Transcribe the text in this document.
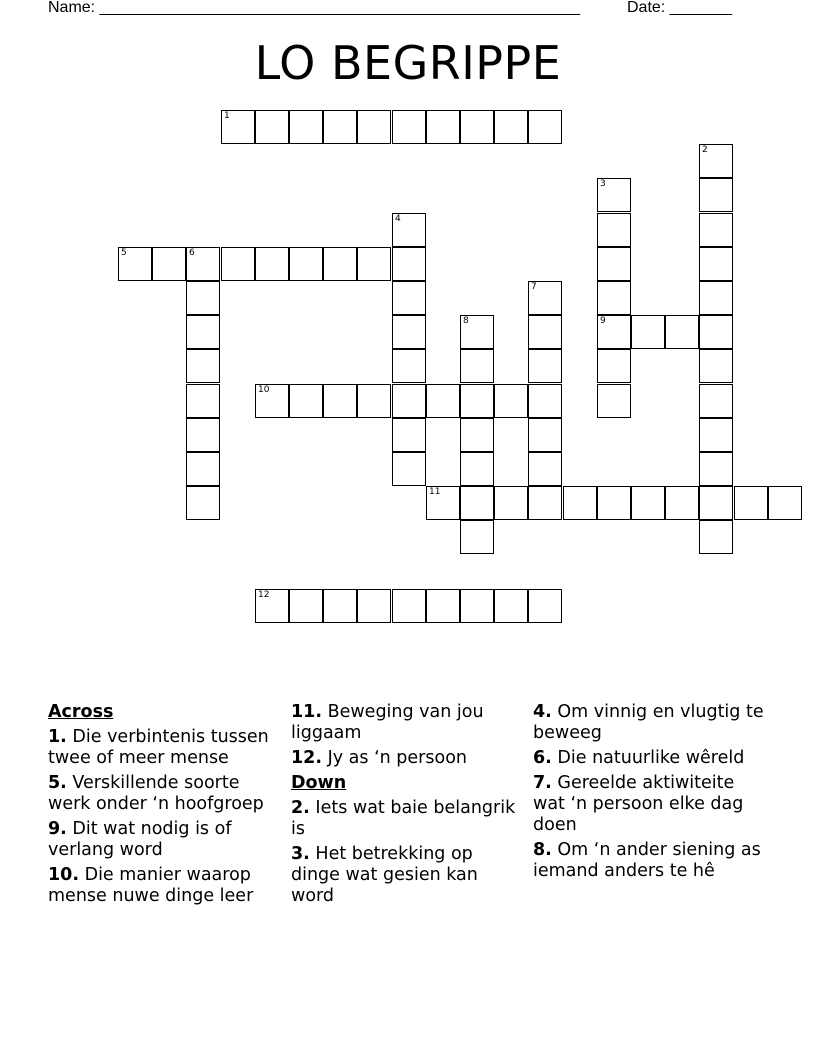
Name: ______________________________________________________	Date: _______
LO BEGRIPPE
1
2
3
9
4
5	6
7
8
10
11
12
Across
1. Die verbintenis tussen twee of meer mense
5. Verskillende soorte werk onder ‘n hoofgroep
9. Dit wat nodig is of verlang word
10. Die manier waarop mense nuwe dinge leer
11. Beweging van jou liggaam
12. Jy as ‘n persoon
Down
2. Iets wat baie belangrik is
3. Het betrekking op dinge wat gesien kan word
4. Om vinnig en vlugtig te beweeg
6. Die natuurlike wêreld
7. Gereelde aktiwiteite wat ‘n persoon elke dag doen
8. Om ‘n ander siening as iemand anders te hê
